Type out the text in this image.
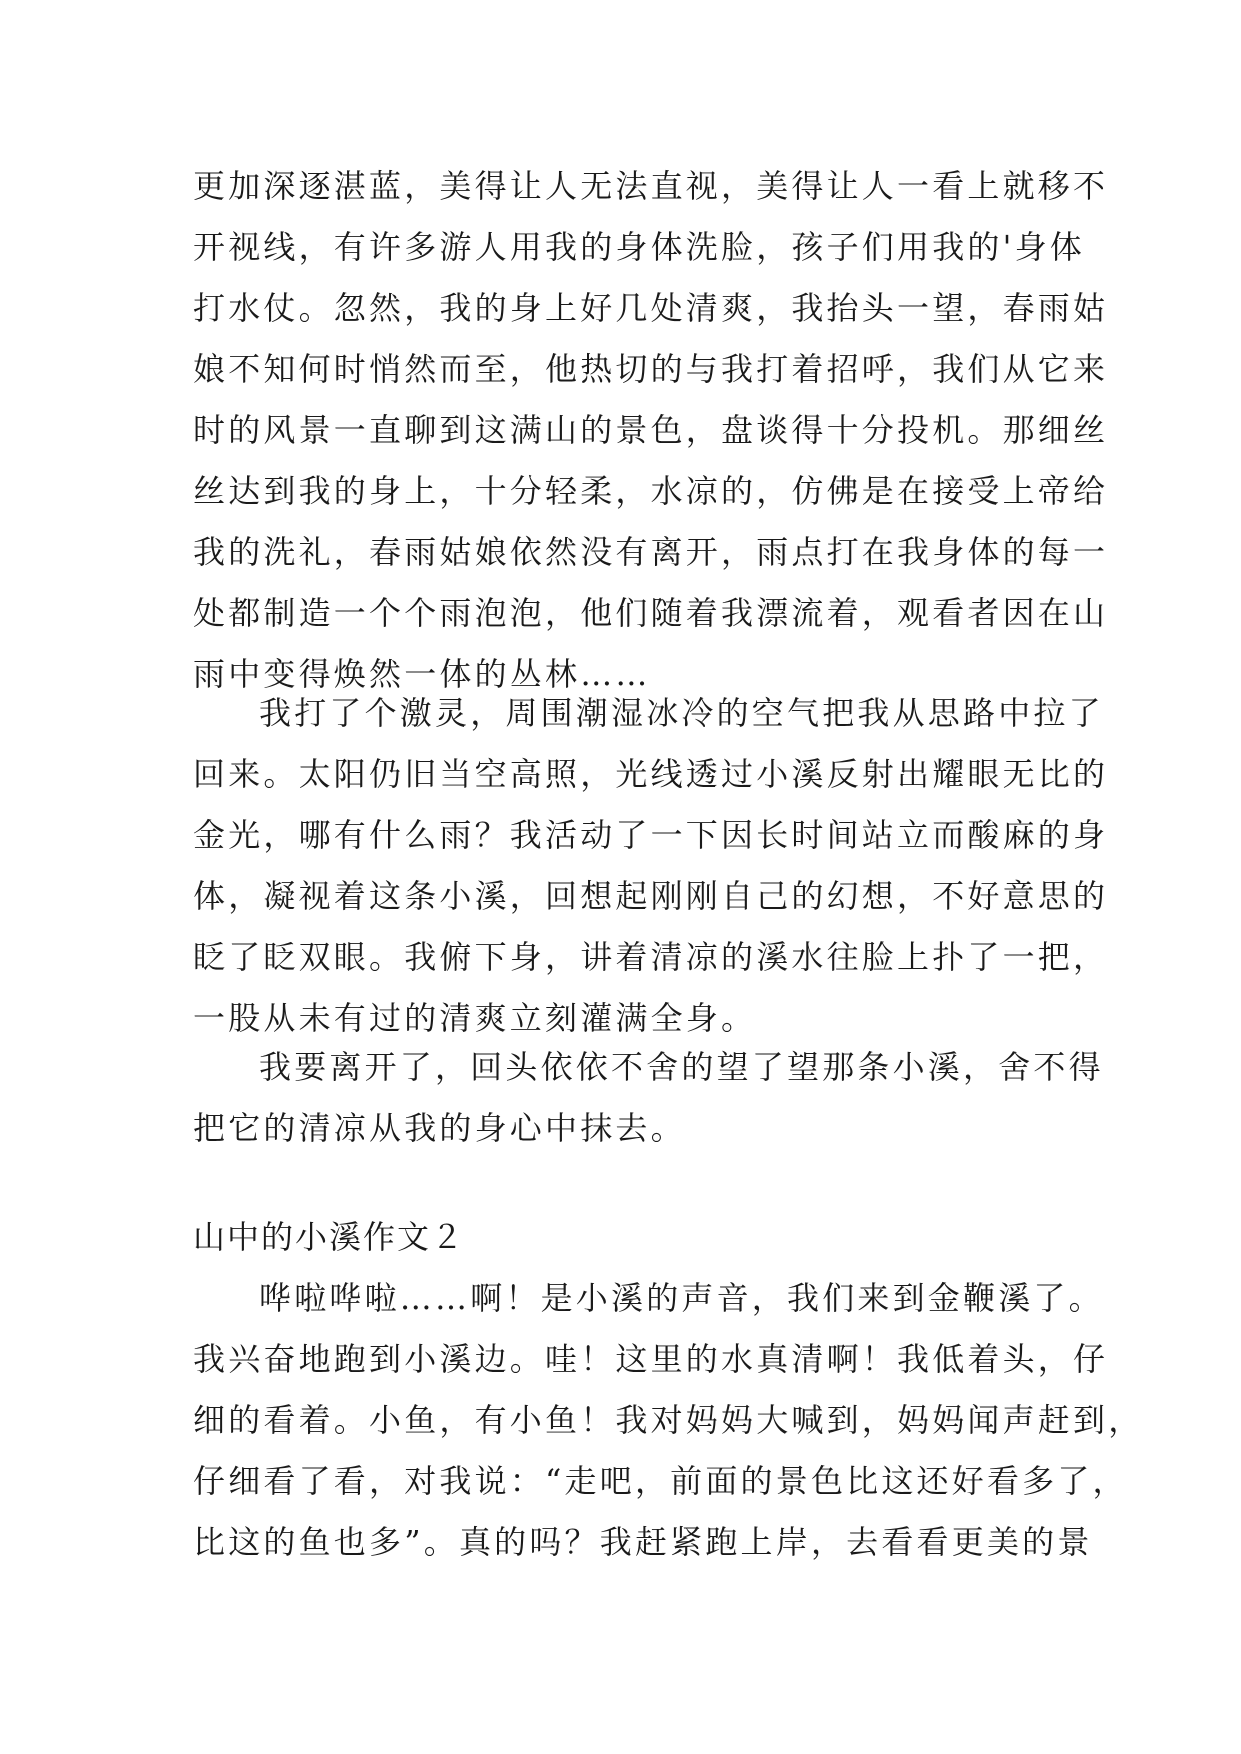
更加深逐湛蓝，美得让人无法直视，美得让人一看上就移不
开视线，有许多游人用我的身体洗脸，孩子们用我的'身体
打水仗。忽然，我的身上好几处清爽，我抬头一望，春雨姑
娘不知何时悄然而至，他热切的与我打着招呼，我们从它来
时的风景一直聊到这满山的景色，盘谈得十分投机。那细丝
丝达到我的身上，十分轻柔，水凉的，仿佛是在接受上帝给
我的洗礼，春雨姑娘依然没有离开，雨点打在我身体的每一
处都制造一个个雨泡泡，他们随着我漂流着，观看者因在山
雨中变得焕然一体的丛林……
我打了个激灵，周围潮湿冰冷的空气把我从思路中拉了
回来。太阳仍旧当空高照，光线透过小溪反射出耀眼无比的
金光，哪有什么雨？我活动了一下因长时间站立而酸麻的身
体，凝视着这条小溪，回想起刚刚自己的幻想，不好意思的
眨了眨双眼。我俯下身，讲着清凉的溪水往脸上扑了一把，
一股从未有过的清爽立刻灌满全身。
我要离开了，回头依依不舍的望了望那条小溪，舍不得
把它的清凉从我的身心中抹去。
山中的小溪作文２
哗啦哗啦……啊！是小溪的声音，我们来到金鞭溪了。
我兴奋地跑到小溪边。哇！这里的水真清啊！我低着头，仔
细的看着。小鱼，有小鱼！我对妈妈大喊到，妈妈闻声赶到，
仔细看了看，对我说：“走吧，前面的景色比这还好看多了，
比这的鱼也多”。真的吗？我赶紧跑上岸，去看看更美的景
